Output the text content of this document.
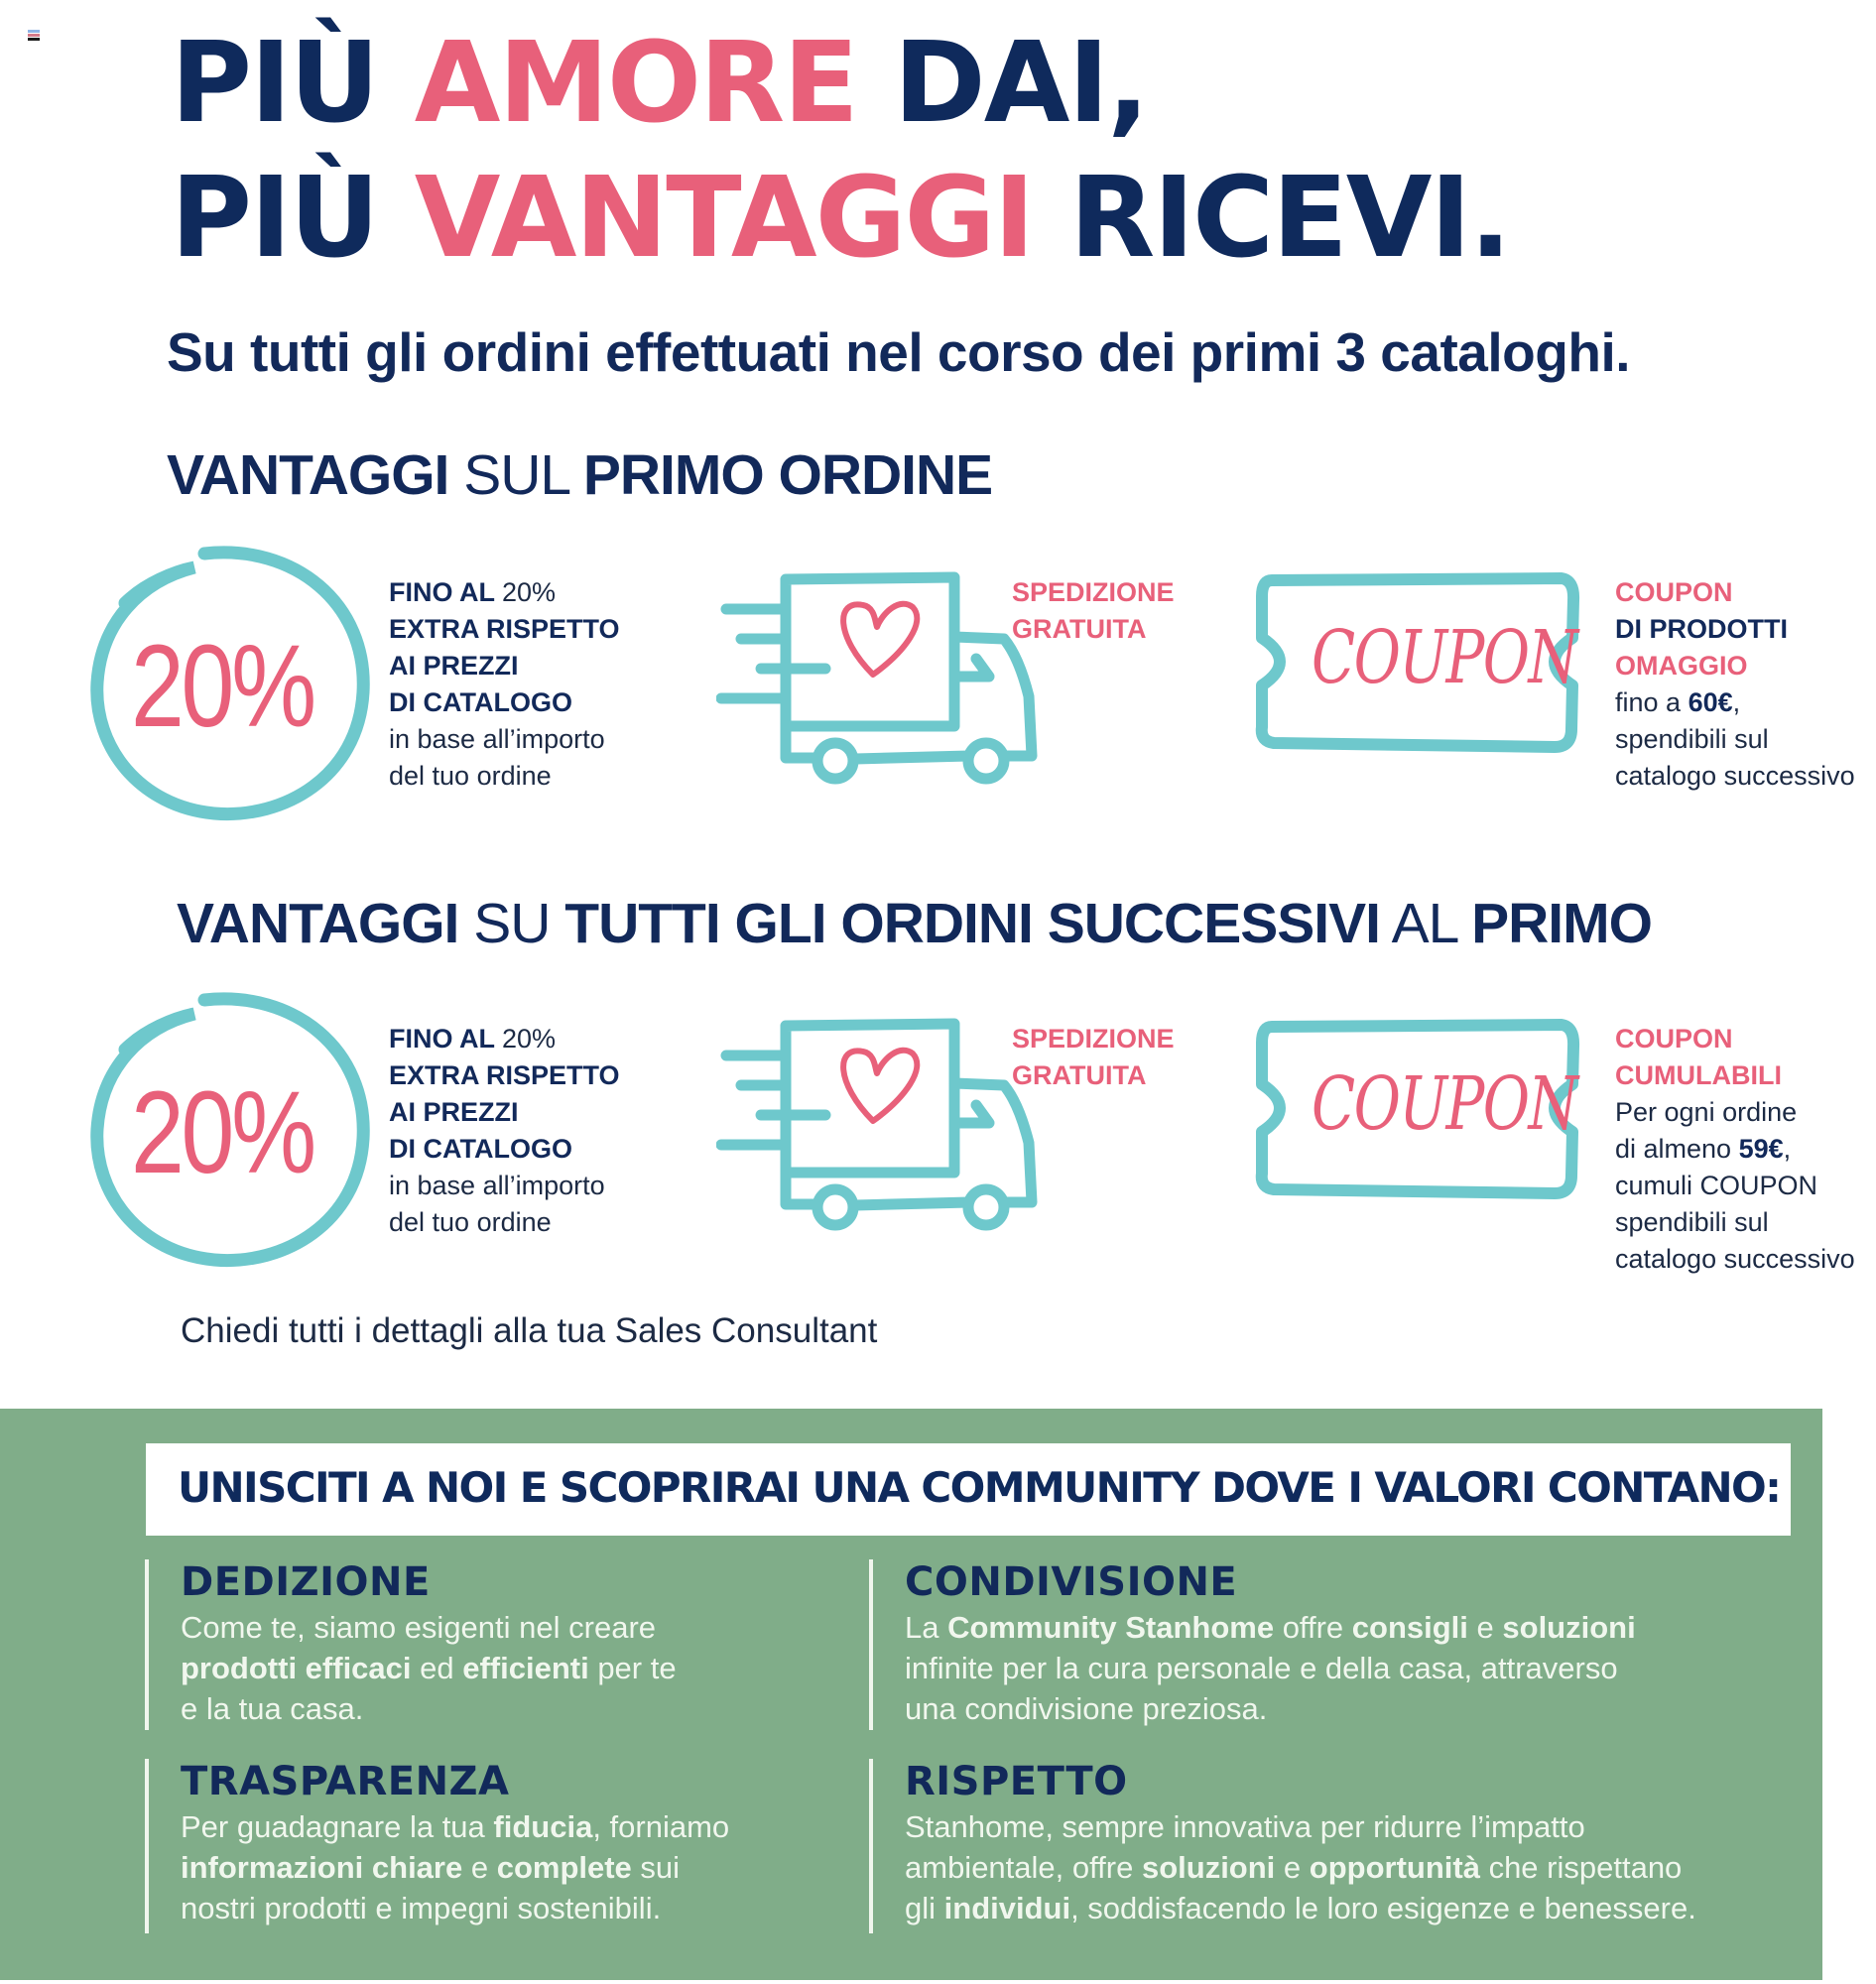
PIÙ AMORE DAI,
PIÙ VANTAGGI RICEVI.
Su tutti gli ordini effettuati nel corso dei primi 3 cataloghi.
VANTAGGI SUL PRIMO ORDINE
20%
FINO AL 20%
EXTRA RISPETTO
AI PREZZI
DI CATALOGO
in base all’importo
del tuo ordine
SPEDIZIONE
GRATUITA	COUPON
COUPON
DI PRODOTTI
OMAGGIO
fino a 60€,
spendibili sul
catalogo successivo
VANTAGGI SU TUTTI GLI ORDINI SUCCESSIVI AL PRIMO
20%
FINO AL 20%
EXTRA RISPETTO
AI PREZZI
DI CATALOGO
in base all’importo
del tuo ordine
SPEDIZIONE
GRATUITA	COUPON
COUPON
CUMULABILI
Per ogni ordine
di almeno 59€,
cumuli COUPON
spendibili sul
catalogo successivo
Chiedi tutti i dettagli alla tua Sales Consultant
UNISCITI A NOI E SCOPRIRAI UNA COMMUNITY DOVE I VALORI CONTANO:
DEDIZIONE
Come te, siamo esigenti nel creare
prodotti efficaci ed efficienti per te
e la tua casa.
CONDIVISIONE
La Community Stanhome offre consigli e soluzioni
infinite per la cura personale e della casa, attraverso
una condivisione preziosa.
TRASPARENZA
Per guadagnare la tua fiducia, forniamo
informazioni chiare e complete sui
nostri prodotti e impegni sostenibili.
RISPETTO
Stanhome, sempre innovativa per ridurre l’impatto
ambientale, offre soluzioni e opportunità che rispettano
gli individui, soddisfacendo le loro esigenze e benessere.
